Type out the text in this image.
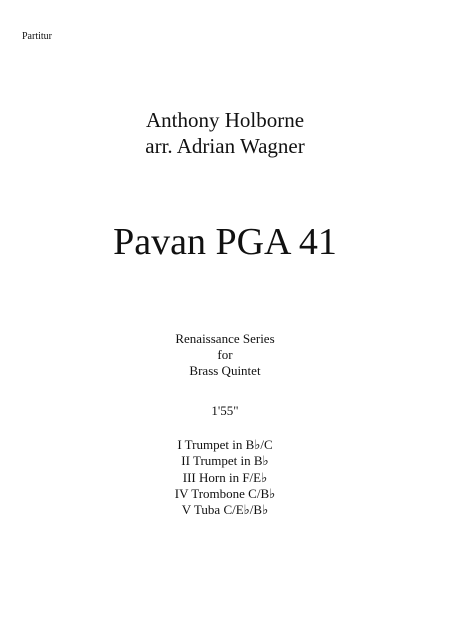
Partitur
Anthony Holborne
arr. Adrian Wagner
Pavan PGA 41
Renaissance Series
for
Brass Quintet
1'55"
I Trumpet in B♭/C
II Trumpet in B♭
III Horn in F/E♭
IV Trombone C/B♭
V Tuba C/E♭/B♭
